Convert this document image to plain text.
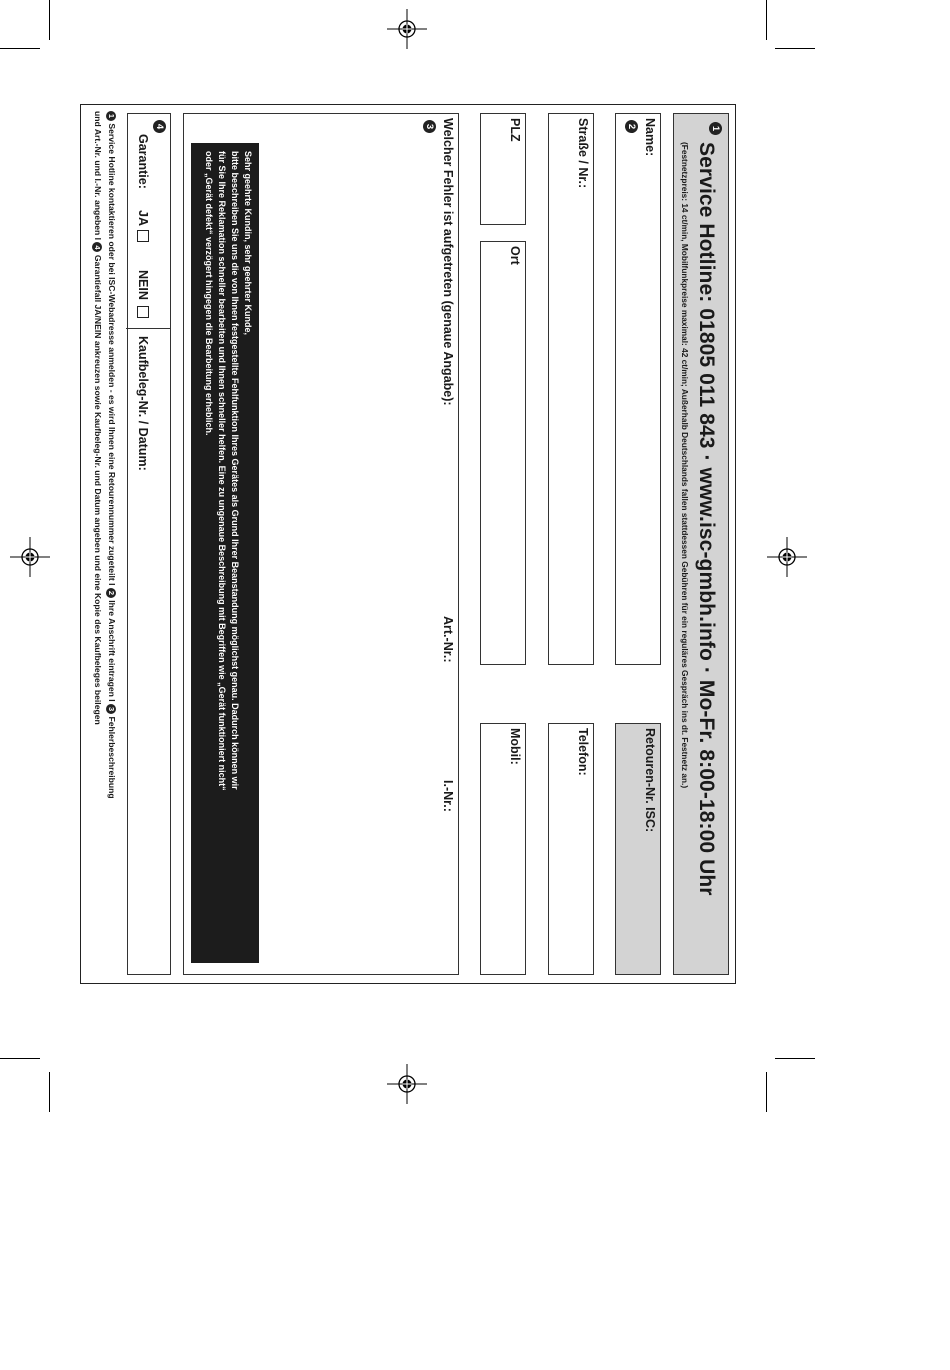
1
Service Hotline: 01805 011 843 · www.isc-gmbh.info · Mo-Fr. 8:00-18:00 Uhr
(Festnetzpreis: 14 ct/min, Mobilfunkpreise maximal: 42 ct/min; Außerhalb Deutschlands fallen stattdessen Gebühren für ein reguläres Gespräch ins dt. Festnetz an.)
Name:
2
Retouren-Nr. ISC:
Straße / Nr.:
Telefon:
PLZ
Ort
Mobil:
Welcher Fehler ist aufgetreten (genaue Angabe):
3
Art.-Nr.:
I.-Nr.:
Sehr geehrte Kundin, sehr geehrter Kunde,
bitte beschreiben Sie uns die von Ihnen festgestellte Fehlfunktion Ihres Gerätes als Grund Ihrer Beanstandung möglichst genau. Dadurch können wir
für Sie Ihre Reklamation schneller bearbeiten und Ihnen schneller helfen. Eine zu ungenaue Beschreibung mit Begriffen wie „Gerät funktioniert nicht“
oder „Gerät defekt“ verzögert hingegen die Bearbeitung erheblich.
4
Garantie:
JA
NEIN
Kaufbeleg-Nr. / Datum:
1 Service Hotline kontaktieren oder bei ISC-Webadresse anmelden - es wird Ihnen eine Retourennummer zugeteilt I 2 Ihre Anschrift eintragen I 3 Fehlerbeschreibung
und Art.-Nr. und I.-Nr. angeben I 4 Garantiefall JA/NEIN ankreuzen sowie Kaufbeleg-Nr. und Datum angeben und eine Kopie des Kaufbeleges beilegen
